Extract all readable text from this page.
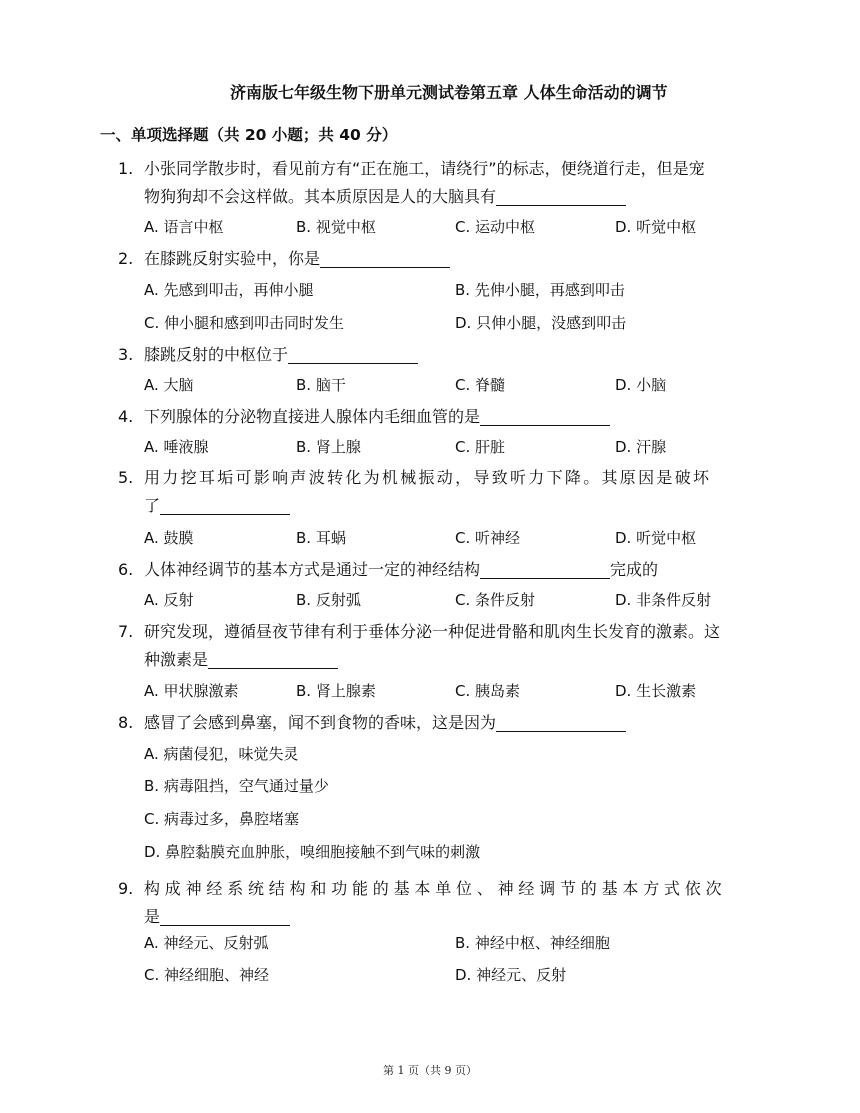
济南版七年级生物下册单元测试卷第五章 人体生命活动的调节
一、单项选择题（共 20 小题；共 40 分）
1. 小张同学散步时，看见前方有“正在施工，请绕行”的标志，便绕道行走，但是宠
物狗狗却不会这样做。其本质原因是人的大脑具有
A. 语言中枢	B. 视觉中枢	C. 运动中枢	D. 听觉中枢
2. 在膝跳反射实验中，你是
A. 先感到叩击，再伸小腿	B. 先伸小腿，再感到叩击
C. 伸小腿和感到叩击同时发生	D. 只伸小腿，没感到叩击
3. 膝跳反射的中枢位于
A. 大脑	B. 脑干	C. 脊髓	D. 小脑
4. 下列腺体的分泌物直接进人腺体内毛细血管的是
A. 唾液腺	B. 肾上腺	C. 肝脏	D. 汗腺
5. 用力挖耳垢可影响声波转化为机械振动，导致听力下降。其原因是破坏
了
A. 鼓膜	B. 耳蜗	C. 听神经	D. 听觉中枢
6. 人体神经调节的基本方式是通过一定的神经结构	完成的
A. 反射	B. 反射弧	C. 条件反射	D. 非条件反射
7. 研究发现，遵循昼夜节律有利于垂体分泌一种促进骨骼和肌肉生长发育的激素。这
种激素是
A. 甲状腺激素	B. 肾上腺素	C. 胰岛素	D. 生长激素
8. 感冒了会感到鼻塞，闻不到食物的香味，这是因为
A. 病菌侵犯，味觉失灵
B. 病毒阻挡，空气通过量少
C. 病毒过多，鼻腔堵塞
D. 鼻腔黏膜充血肿胀，嗅细胞接触不到气味的刺激
9. 构成神经系统结构和功能的基本单位、神经调节的基本方式依次
是
A. 神经元、反射弧	B. 神经中枢、神经细胞
C. 神经细胞、神经	D. 神经元、反射
第 1 页（共 9 页）
